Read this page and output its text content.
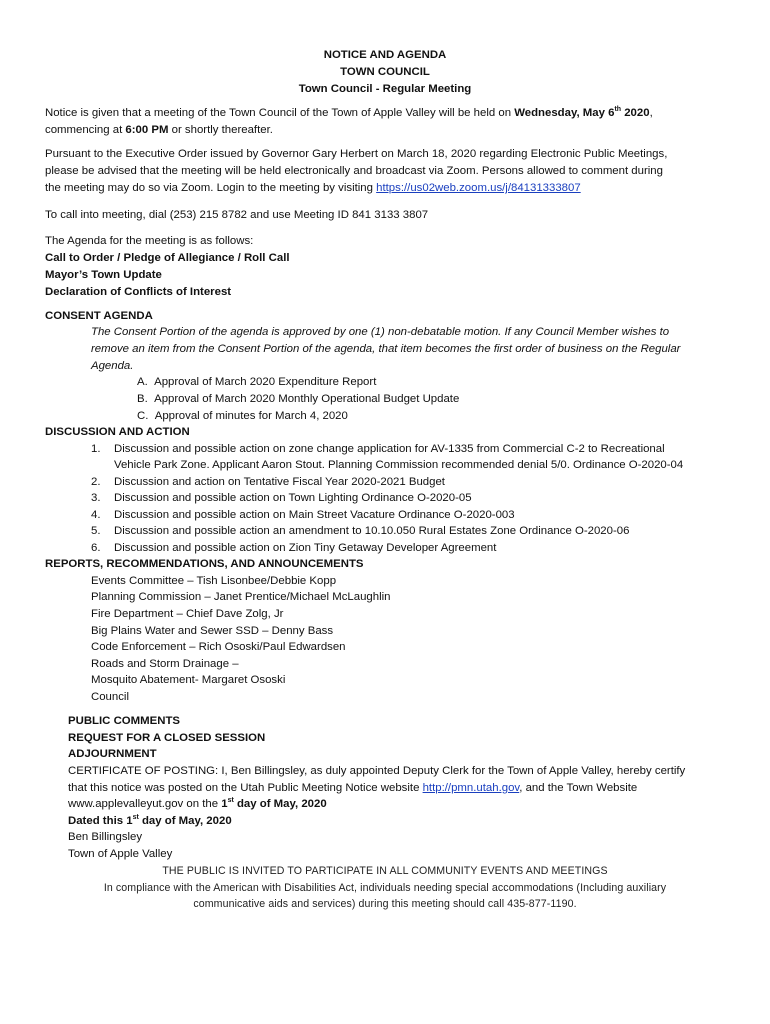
NOTICE AND AGENDA
TOWN COUNCIL
Town Council - Regular Meeting
Notice is given that a meeting of the Town Council of the Town of Apple Valley will be held on Wednesday, May 6th 2020,
commencing at 6:00 PM or shortly thereafter.
Pursuant to the Executive Order issued by Governor Gary Herbert on March 18, 2020 regarding Electronic Public Meetings,
please be advised that the meeting will be held electronically and broadcast via Zoom. Persons allowed to comment during
the meeting may do so via Zoom. Login to the meeting by visiting https://us02web.zoom.us/j/84131333807
To call into meeting, dial (253) 215 8782 and use Meeting ID 841 3133 3807
The Agenda for the meeting is as follows:
Call to Order / Pledge of Allegiance / Roll Call
Mayor’s Town Update
Declaration of Conflicts of Interest
CONSENT AGENDA
The Consent Portion of the agenda is approved by one (1) non-debatable motion. If any Council Member wishes to
remove an item from the Consent Portion of the agenda, that item becomes the first order of business on the Regular
Agenda.
A. Approval of March 2020 Expenditure Report
B. Approval of March 2020 Monthly Operational Budget Update
C. Approval of minutes for March 4, 2020
DISCUSSION AND ACTION
1. Discussion and possible action on zone change application for AV-1335 from Commercial C-2 to Recreational
Vehicle Park Zone. Applicant Aaron Stout. Planning Commission recommended denial 5/0. Ordinance O-2020-04
2. Discussion and action on Tentative Fiscal Year 2020-2021 Budget
3. Discussion and possible action on Town Lighting Ordinance O-2020-05
4. Discussion and possible action on Main Street Vacature Ordinance O-2020-003
5. Discussion and possible action an amendment to 10.10.050 Rural Estates Zone Ordinance O-2020-06
6. Discussion and possible action on Zion Tiny Getaway Developer Agreement
REPORTS, RECOMMENDATIONS, AND ANNOUNCEMENTS
Events Committee – Tish Lisonbee/Debbie Kopp
Planning Commission – Janet Prentice/Michael McLaughlin
Fire Department – Chief Dave Zolg, Jr
Big Plains Water and Sewer SSD – Denny Bass
Code Enforcement – Rich Ososki/Paul Edwardsen
Roads and Storm Drainage –
Mosquito Abatement- Margaret Ososki
Council
PUBLIC COMMENTS
REQUEST FOR A CLOSED SESSION
ADJOURNMENT
CERTIFICATE OF POSTING: I, Ben Billingsley, as duly appointed Deputy Clerk for the Town of Apple Valley, hereby certify
that this notice was posted on the Utah Public Meeting Notice website http://pmn.utah.gov, and the Town Website
www.applevalleyut.gov on the 1st day of May, 2020
Dated this 1st day of May, 2020
Ben Billingsley
Town of Apple Valley
THE PUBLIC IS INVITED TO PARTICIPATE IN ALL COMMUNITY EVENTS AND MEETINGS
In compliance with the American with Disabilities Act, individuals needing special accommodations (Including auxiliary
communicative aids and services) during this meeting should call 435-877-1190.
